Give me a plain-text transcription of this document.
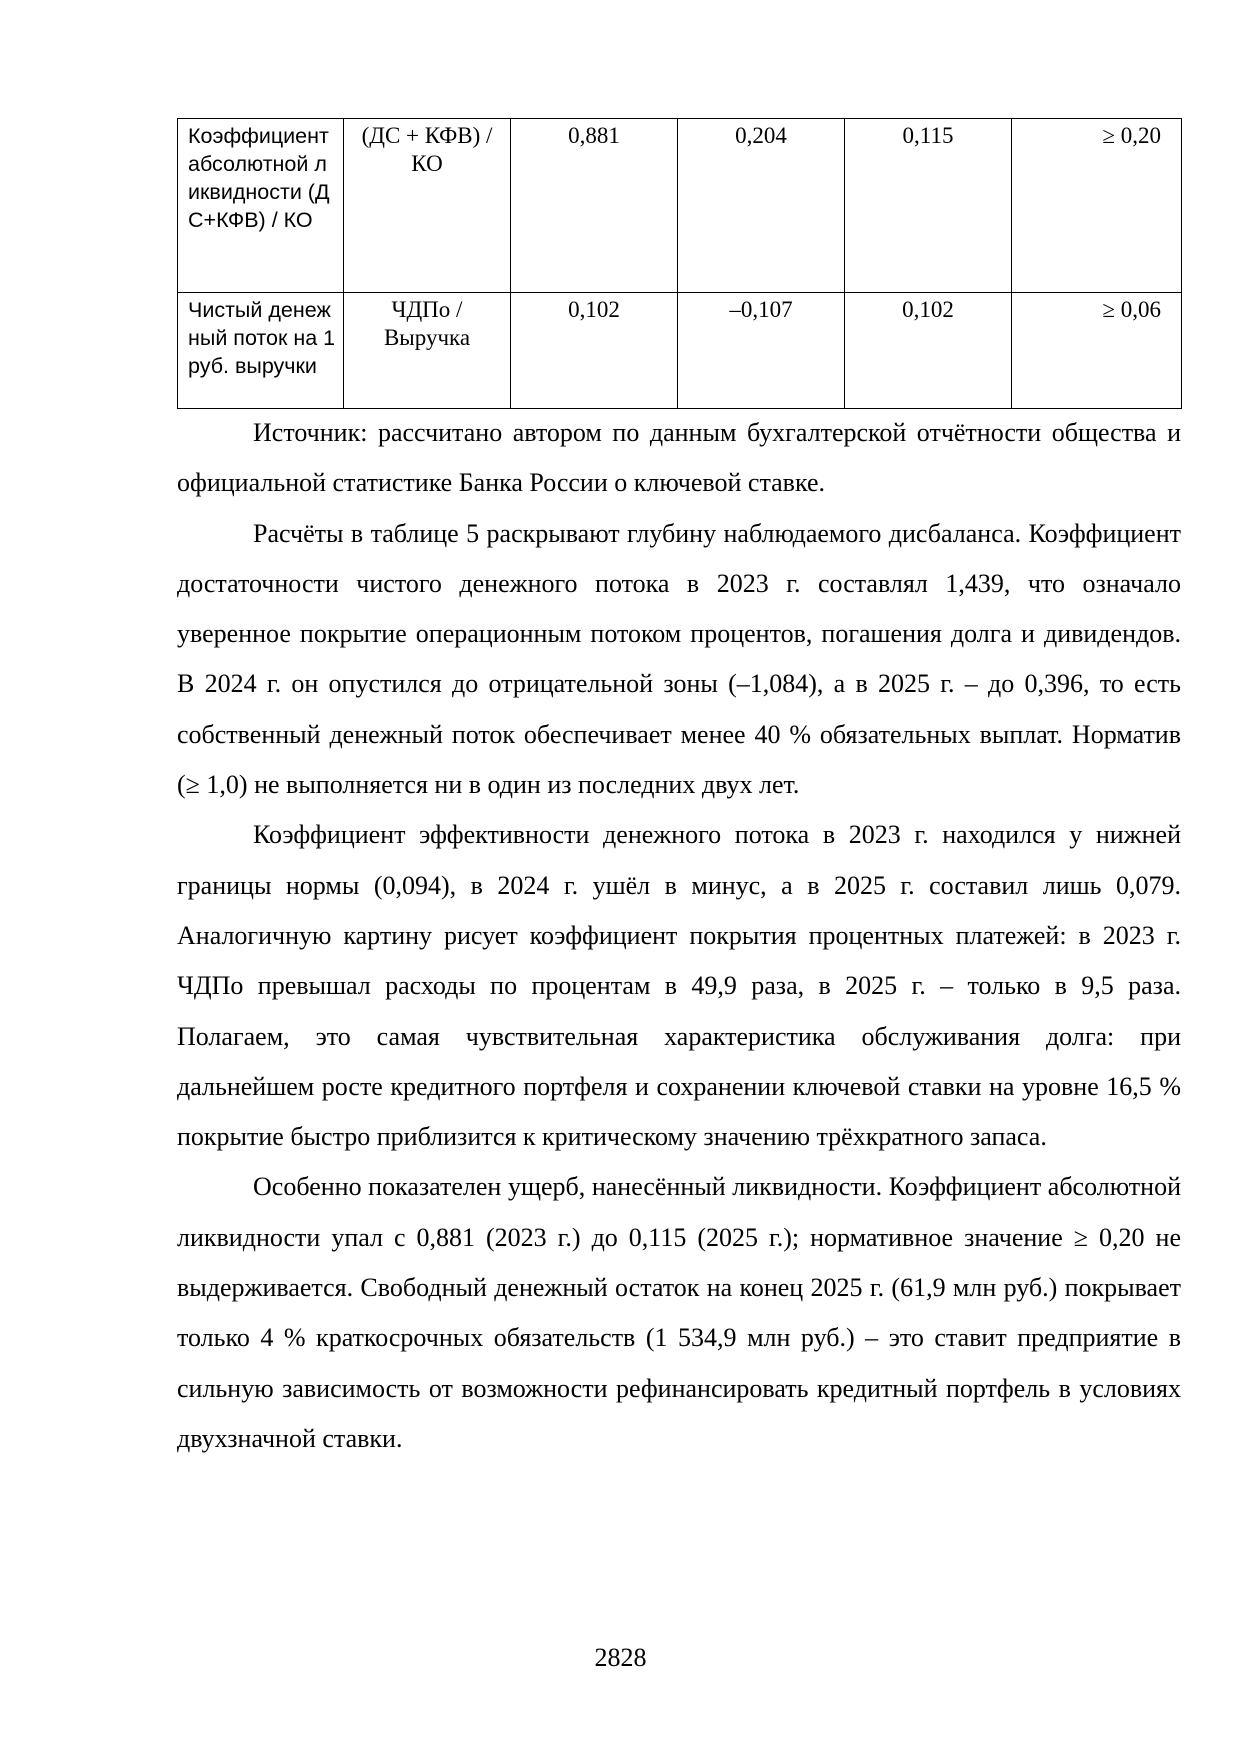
Коэффициент абсолютной ликвидности (ДС+КФВ) / КО	(ДС + КФВ) / КО	0,881	0,204	0,115	≥ 0,20
Чистый денежный поток на 1 руб. выручки	ЧДПо / Выручка	0,102	–0,107	0,102	≥ 0,06

Источник: рассчитано автором по данным бухгалтерской отчётности общества и официальной статистике Банка России о ключевой ставке.

Расчёты в таблице 5 раскрывают глубину наблюдаемого дисбаланса. Коэффициент достаточности чистого денежного потока в 2023 г. составлял 1,439, что означало уверенное покрытие операционным потоком процентов, погашения долга и дивидендов. В 2024 г. он опустился до отрицательной зоны (–1,084), а в 2025 г. – до 0,396, то есть собственный денежный поток обеспечивает менее 40 % обязательных выплат. Норматив (≥ 1,0) не выполняется ни в один из последних двух лет.

Коэффициент эффективности денежного потока в 2023 г. находился у нижней границы нормы (0,094), в 2024 г. ушёл в минус, а в 2025 г. составил лишь 0,079. Аналогичную картину рисует коэффициент покрытия процентных платежей: в 2023 г. ЧДПо превышал расходы по процентам в 49,9 раза, в 2025 г. – только в 9,5 раза. Полагаем, это самая чувствительная характеристика обслуживания долга: при дальнейшем росте кредитного портфеля и сохранении ключевой ставки на уровне 16,5 % покрытие быстро приблизится к критическому значению трёхкратного запаса.

Особенно показателен ущерб, нанесённый ликвидности. Коэффициент абсолютной ликвидности упал с 0,881 (2023 г.) до 0,115 (2025 г.); нормативное значение ≥ 0,20 не выдерживается. Свободный денежный остаток на конец 2025 г. (61,9 млн руб.) покрывает только 4 % краткосрочных обязательств (1 534,9 млн руб.) – это ставит предприятие в сильную зависимость от возможности рефинансировать кредитный портфель в условиях двухзначной ставки.

2828
